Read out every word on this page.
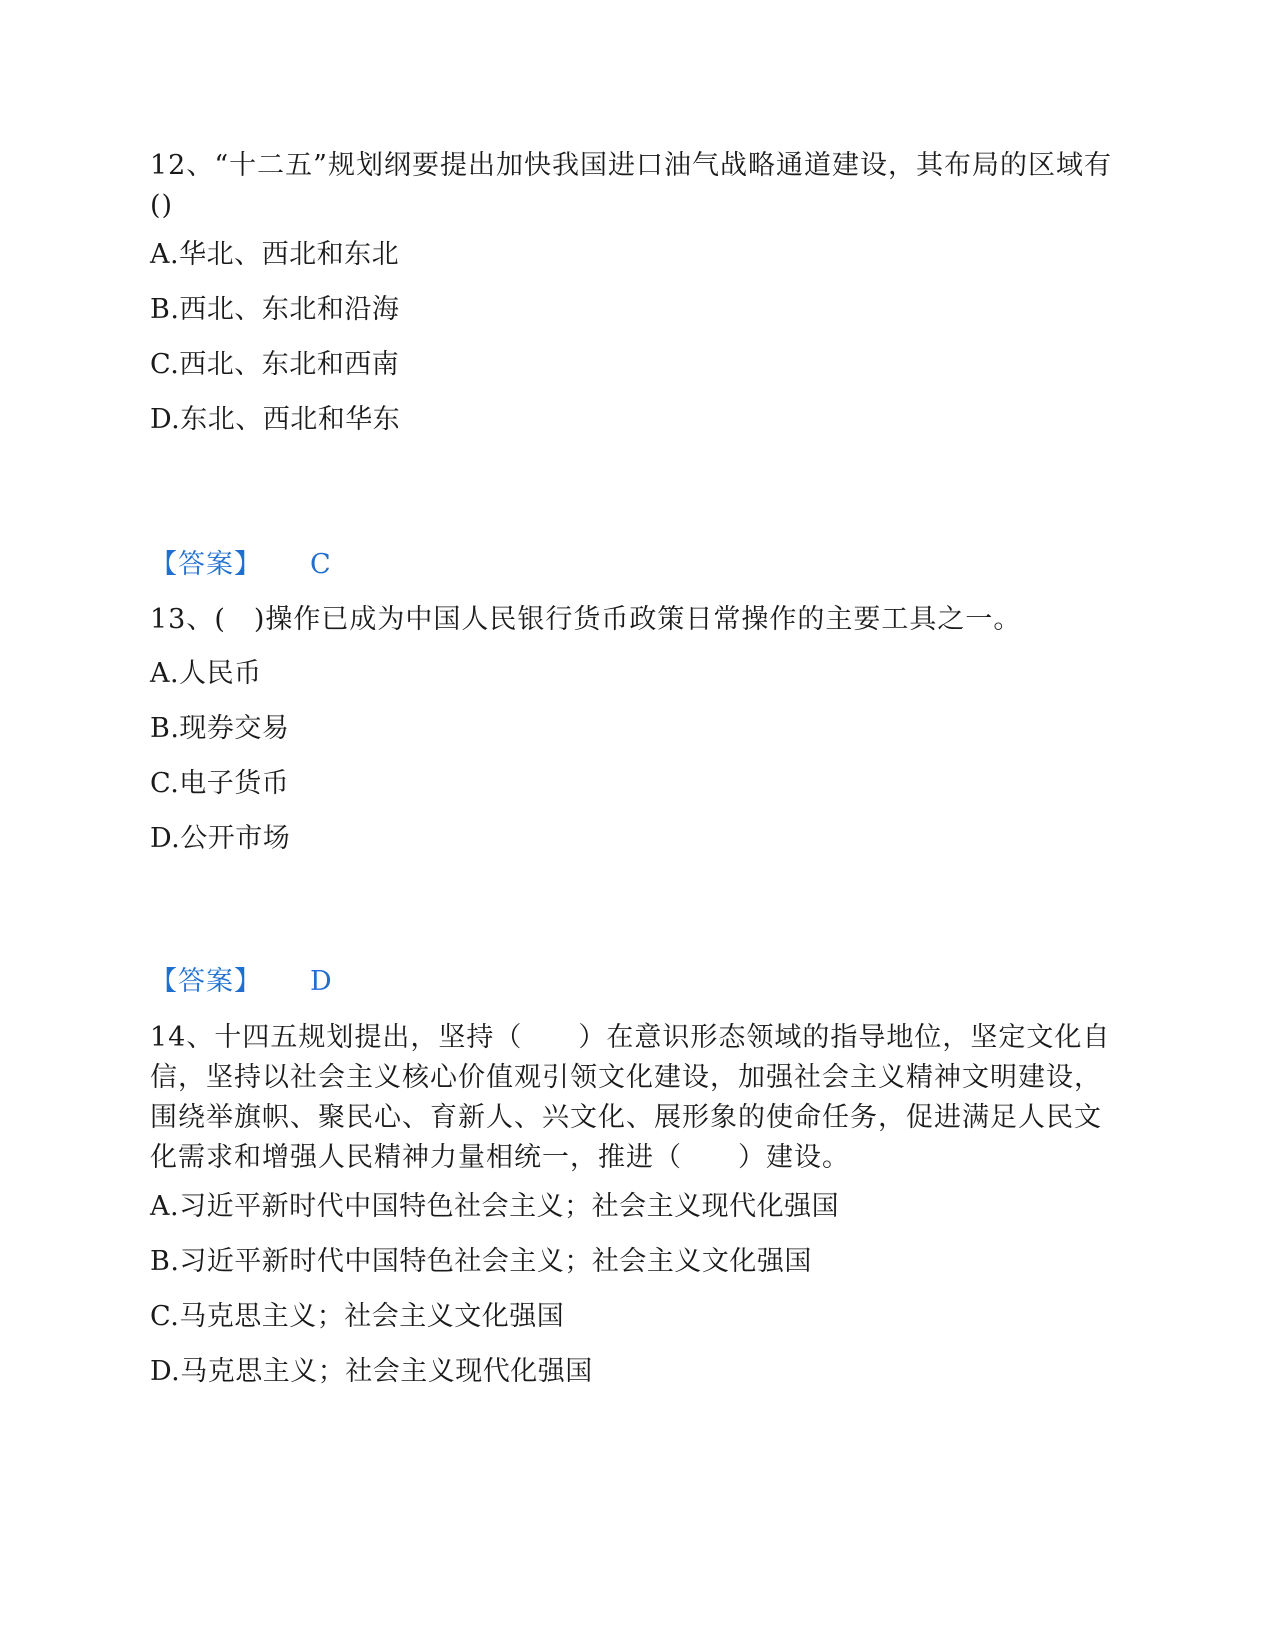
12、“十二五”规划纲要提出加快我国进口油气战略通道建设，其布局的区域有()
A.华北、西北和东北
B.西北、东北和沿海
C.西北、东北和西南
D.东北、西北和华东
【答案】 C
13、(　)操作已成为中国人民银行货币政策日常操作的主要工具之一。
A.人民币
B.现券交易
C.电子货币
D.公开市场
【答案】 D
14、十四五规划提出，坚持（　　）在意识形态领域的指导地位，坚定文化自信，坚持以社会主义核心价值观引领文化建设，加强社会主义精神文明建设，围绕举旗帜、聚民心、育新人、兴文化、展形象的使命任务，促进满足人民文化需求和增强人民精神力量相统一，推进（　　）建设。
A.习近平新时代中国特色社会主义；社会主义现代化强国
B.习近平新时代中国特色社会主义；社会主义文化强国
C.马克思主义；社会主义文化强国
D.马克思主义；社会主义现代化强国
